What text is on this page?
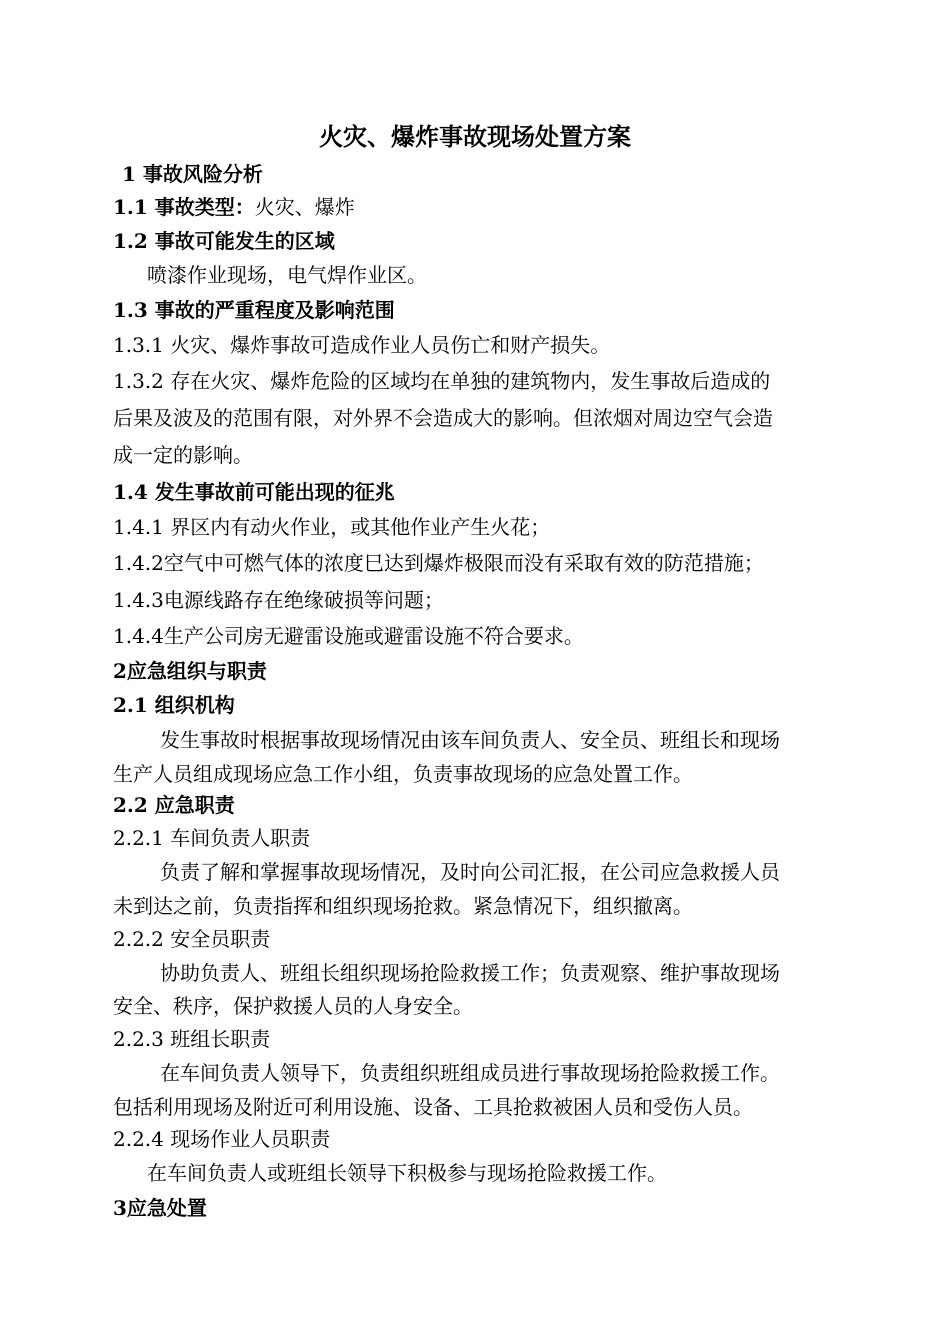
火灾、爆炸事故现场处置方案
1 事故风险分析
1.1 事故类型：火灾、爆炸
1.2 事故可能发生的区域
喷漆作业现场，电气焊作业区。
1.3 事故的严重程度及影响范围
1.3.1 火灾、爆炸事故可造成作业人员伤亡和财产损失。
1.3.2 存在火灾、爆炸危险的区域均在单独的建筑物内，发生事故后造成的
后果及波及的范围有限，对外界不会造成大的影响。但浓烟对周边空气会造
成一定的影响。
1.4 发生事故前可能出现的征兆
1.4.1 界区内有动火作业，或其他作业产生火花；
1.4.2空气中可燃气体的浓度巳达到爆炸极限而没有采取有效的防范措施；
1.4.3电源线路存在绝缘破损等问题；
1.4.4生产公司房无避雷设施或避雷设施不符合要求。
2应急组织与职责
2.1 组织机构
发生事故时根据事故现场情况由该车间负责人、安全员、班组长和现场
生产人员组成现场应急工作小组，负责事故现场的应急处置工作。
2.2 应急职责
2.2.1 车间负责人职责
负责了解和掌握事故现场情况，及时向公司汇报，在公司应急救援人员
未到达之前，负责指挥和组织现场抢救。紧急情况下，组织撤离。
2.2.2 安全员职责
协助负责人、班组长组织现场抢险救援工作；负责观察、维护事故现场
安全、秩序，保护救援人员的人身安全。
2.2.3 班组长职责
在车间负责人领导下，负责组织班组成员进行事故现场抢险救援工作。
包括利用现场及附近可利用设施、设备、工具抢救被困人员和受伤人员。
2.2.4 现场作业人员职责
在车间负责人或班组长领导下积极参与现场抢险救援工作。
3应急处置
